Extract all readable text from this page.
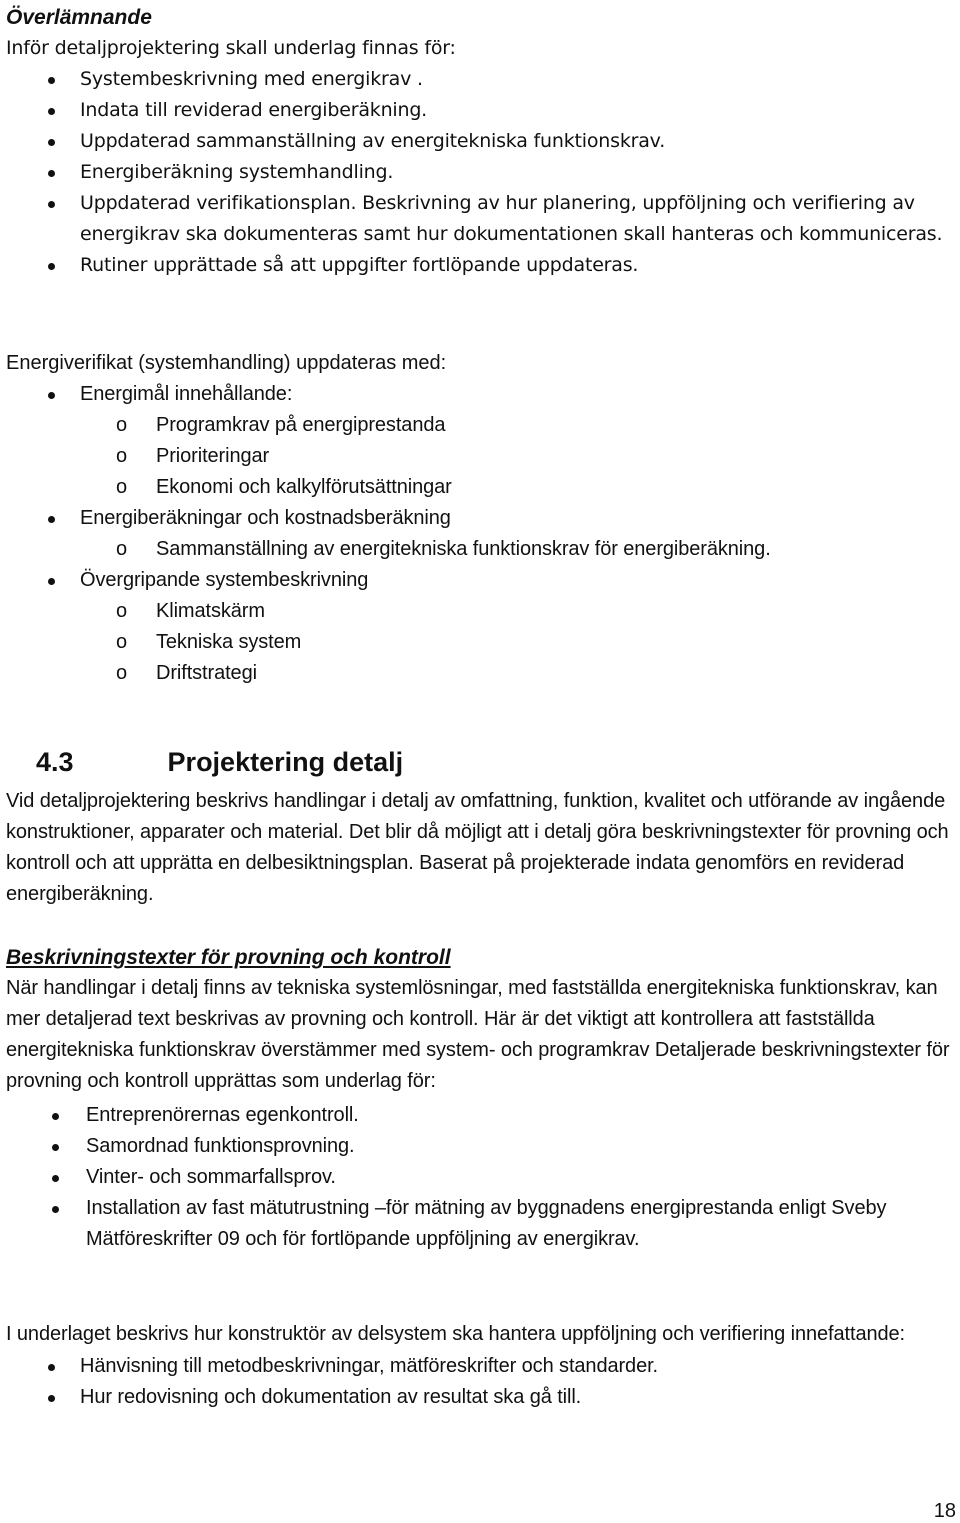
Överlämnande
Inför detaljprojektering skall underlag finnas för:
Systembeskrivning med energikrav .
Indata till reviderad energiberäkning.
Uppdaterad sammanställning av energitekniska funktionskrav.
Energiberäkning systemhandling.
Uppdaterad verifikationsplan. Beskrivning av hur planering, uppföljning och verifiering av energikrav ska dokumenteras samt hur dokumentationen skall hanteras och kommuniceras.
Rutiner upprättade så att uppgifter fortlöpande uppdateras.
Energiverifikat (systemhandling) uppdateras med:
Energimål innehållande:
o Programkrav på energiprestanda
o Prioriteringar
o Ekonomi och kalkylförutsättningar
Energiberäkningar och kostnadsberäkning
o Sammanställning av energitekniska funktionskrav för energiberäkning.
Övergripande systembeskrivning
o Klimatskärm
o Tekniska system
o Driftstrategi
4.3	Projektering detalj

Vid detaljprojektering beskrivs handlingar i detalj av omfattning, funktion, kvalitet och utförande av ingående konstruktioner, apparater och material. Det blir då möjligt att i detalj göra beskrivningstexter för provning och kontroll och att upprätta en delbesiktningsplan. Baserat på projekterade indata genomförs en reviderad energiberäkning.

Beskrivningstexter för provning och kontroll

När handlingar i detalj finns av tekniska systemlösningar, med fastställda energitekniska funktionskrav, kan mer detaljerad text beskrivas av provning och kontroll. Här är det viktigt att kontrollera att fastställda energitekniska funktionskrav överstämmer med system- och programkrav Detaljerade beskrivningstexter för provning och kontroll upprättas som underlag för:

Entreprenörernas egenkontroll.
Samordnad funktionsprovning.
Vinter- och sommarfallsprov.
Installation av fast mätutrustning –för mätning av byggnadens energiprestanda enligt Sveby Mätföreskrifter 09 och för fortlöpande uppföljning av energikrav.

I underlaget beskrivs hur konstruktör av delsystem ska hantera uppföljning och verifiering innefattande:

Hänvisning till metodbeskrivningar, mätföreskrifter och standarder.
Hur redovisning och dokumentation av resultat ska gå till.
18
